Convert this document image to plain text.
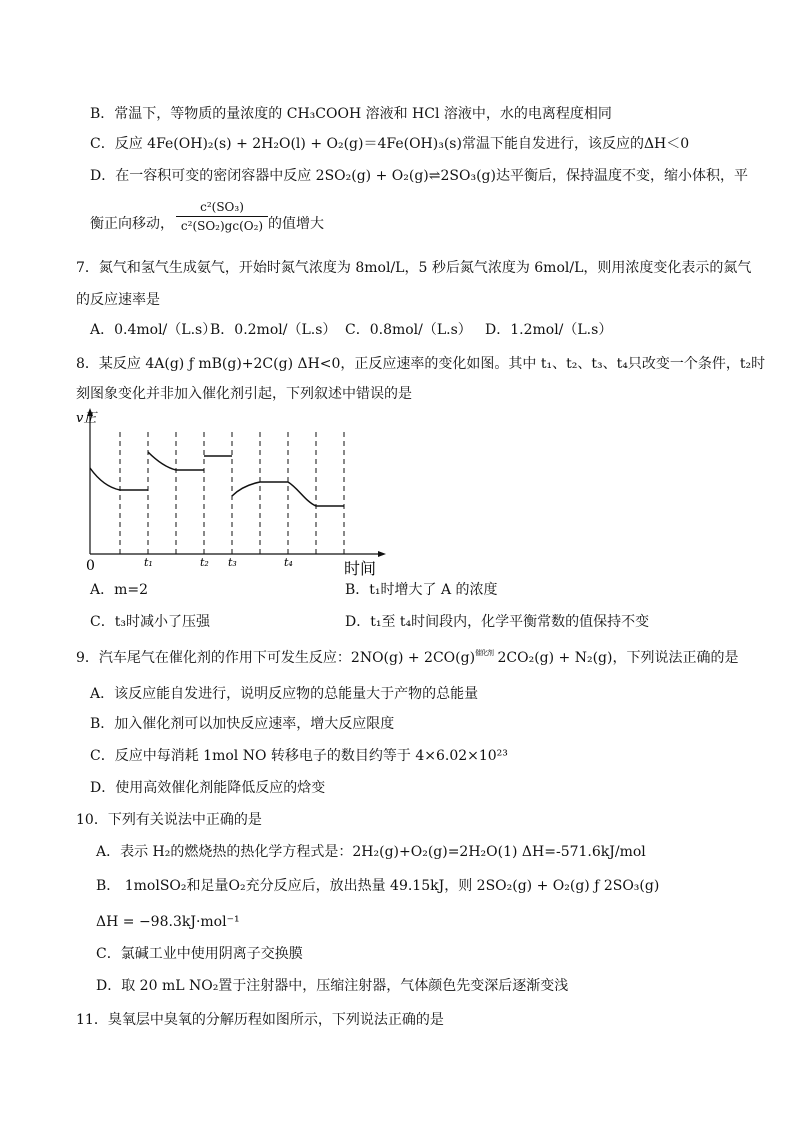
B．常温下，等物质的量浓度的 CH₃COOH 溶液和 HCl 溶液中，水的电离程度相同
C．反应 4Fe(OH)₂(s) + 2H₂O(l) + O₂(g)＝4Fe(OH)₃(s)常温下能自发进行，该反应的ΔH＜0
D．在一容积可变的密闭容器中反应 2SO₂(g) + O₂(g)⇌2SO₃(g)达平衡后，保持温度不变，缩小体积，平
衡正向移动，
c²(SO₃)
c²(SO₂)gc(O₂) 的值增大
7．氮气和氢气生成氨气，开始时氮气浓度为 8mol/L，5 秒后氮气浓度为 6mol/L，则用浓度变化表示的氮气
的反应速率是
A．0.4mol/（L.s）
B．0.2mol/（L.s） C．0.8mol/（L.s） D．1.2mol/（L.s）
8．某反应 4A(g) ƒ mB(g)+2C(g) ΔH<0，正反应速率的变化如图。其中 t₁、t₂、t₃、t₄只改变一个条件，t₂时
刻图象变化并非加入催化剂引起，下列叙述中错误的是
v正
0	t₁	t₂ t₃	t₄	时间
A．m=2	B．t₁时增大了 A 的浓度
C．t₃时减小了压强	D．t₁至 t₄时间段内，化学平衡常数的值保持不变
9．汽车尾气在催化剂的作用下可发生反应：$2NO(g) + 2CO(g)^{催化剂}$ 2CO₂(g) + N₂(g)，下列说法正确的是
A．该反应能自发进行，说明反应物的总能量大于产物的总能量
B．加入催化剂可以加快反应速率，增大反应限度
C．反应中每消耗 1mol NO 转移电子的数目约等于 4×6.02×10²³
D．使用高效催化剂能降低反应的焓变
10．下列有关说法中正确的是
A．表示 H₂的燃烧热的热化学方程式是：2H₂(g)+O₂(g)=2H₂O(1) ΔH=-571.6kJ/mol
B． 1molSO₂和足量O₂充分反应后，放出热量 49.15kJ，则 2SO₂(g) + O₂(g) ƒ 2SO₃(g)
ΔH = −98.3kJ·mol⁻¹
C．氯碱工业中使用阴离子交换膜
D．取 20 mL NO₂置于注射器中，压缩注射器，气体颜色先变深后逐渐变浅
11．臭氧层中臭氧的分解历程如图所示，下列说法正确的是
